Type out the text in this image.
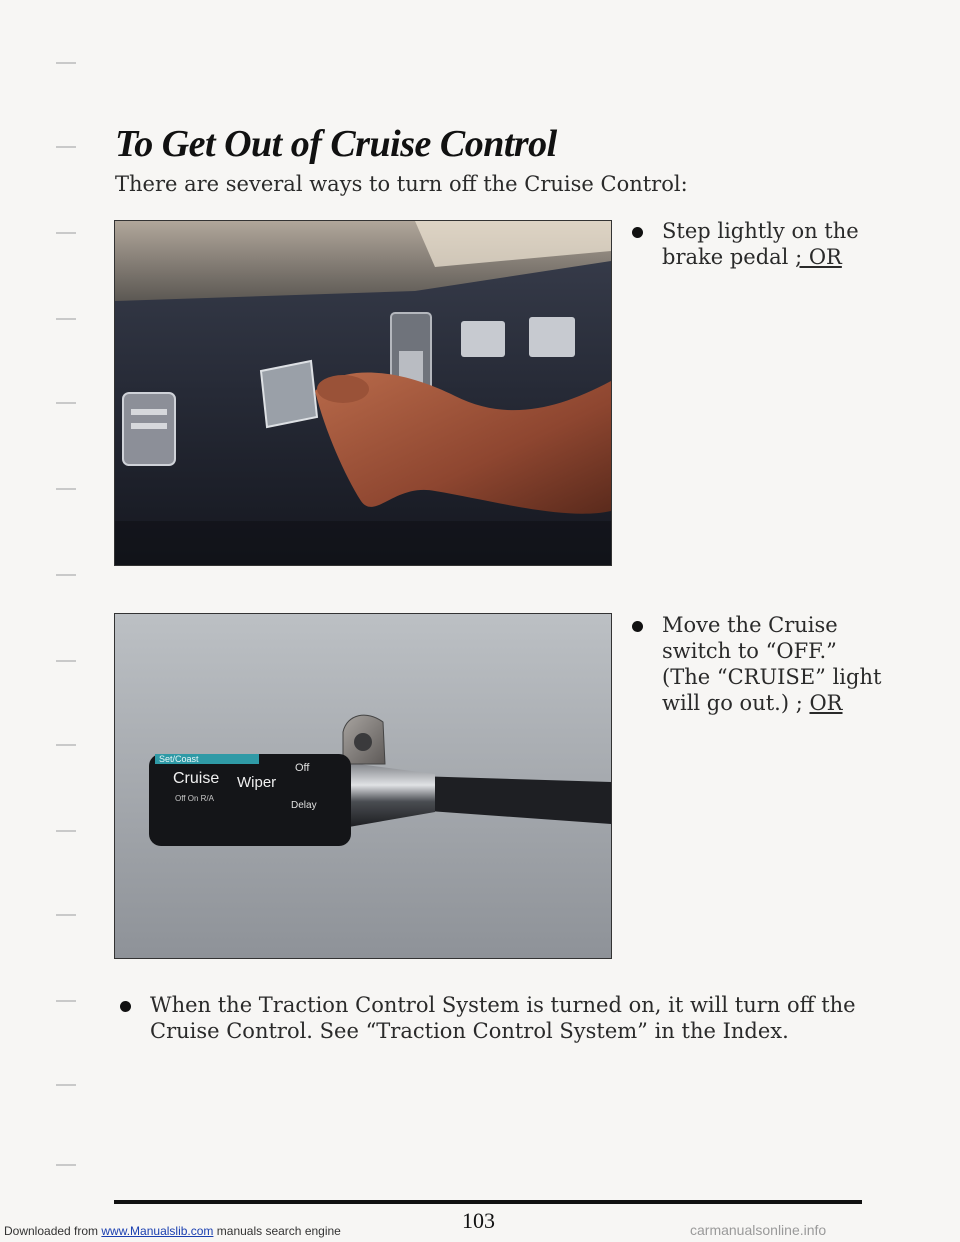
To Get Out of Cruise Control

There are several ways to turn off the Cruise Control:

Step lightly on the brake pedal ; OR
Set/Coast
Cruise
Off On R/A
Wiper
Off
Delay
Move the Cruise switch to “OFF.” (The “CRUISE” light will go out.) ; OR
When the Traction Control System is turned on, it will turn off the Cruise Control. See “Traction Control System” in the Index.
103
Downloaded from www.Manualslib.com manuals search engine	carmanualsonline.info
